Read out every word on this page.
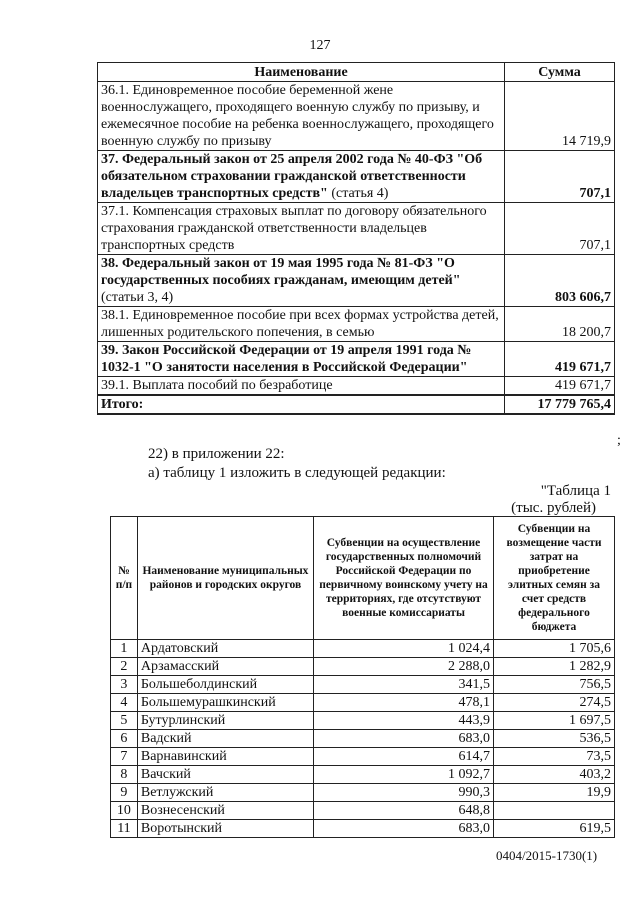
127
Наименование	Сумма
36.1. Единовременное пособие беременной жене военнослужащего, проходящего военную службу по призыву, и ежемесячное пособие на ребенка военнослужащего, проходящего военную службу по призыву	14 719,9
37. Федеральный закон от 25 апреля 2002 года № 40-ФЗ "Об обязательном страховании гражданской ответственности владельцев транспортных средств" (статья 4)	707,1
37.1. Компенсация страховых выплат по договору обязательного страхования гражданской ответственности владельцев транспортных средств	707,1
38. Федеральный закон от 19 мая 1995 года № 81-ФЗ "О государственных пособиях гражданам, имеющим детей" (статьи 3, 4)	803 606,7
38.1. Единовременное пособие при всех формах устройства детей, лишенных родительского попечения, в семью	18 200,7
39. Закон Российской Федерации от 19 апреля 1991 года № 1032-1 "О занятости населения в Российской Федерации"	419 671,7
39.1. Выплата пособий по безработице	419 671,7
Итого:	17 779 765,4
;
22) в приложении 22:
а) таблицу 1 изложить в следующей редакции:
"Таблица 1
(тыс. рублей)
№ п/п	Наименование муниципальных районов и городских округов	Субвенции на осуществление государственных полномочий Российской Федерации по первичному воинскому учету на территориях, где отсутствуют военные комиссариаты	Субвенции на возмещение части затрат на приобретение элитных семян за счет средств федерального бюджета
1	Ардатовский	1 024,4	1 705,6
2	Арзамасский	2 288,0	1 282,9
3	Большеболдинский	341,5	756,5
4	Большемурашкинский	478,1	274,5
5	Бутурлинский	443,9	1 697,5
6	Вадский	683,0	536,5
7	Варнавинский	614,7	73,5
8	Вачский	1 092,7	403,2
9	Ветлужский	990,3	19,9
10	Вознесенский	648,8	
11	Воротынский	683,0	619,5
0404/2015-1730(1)
